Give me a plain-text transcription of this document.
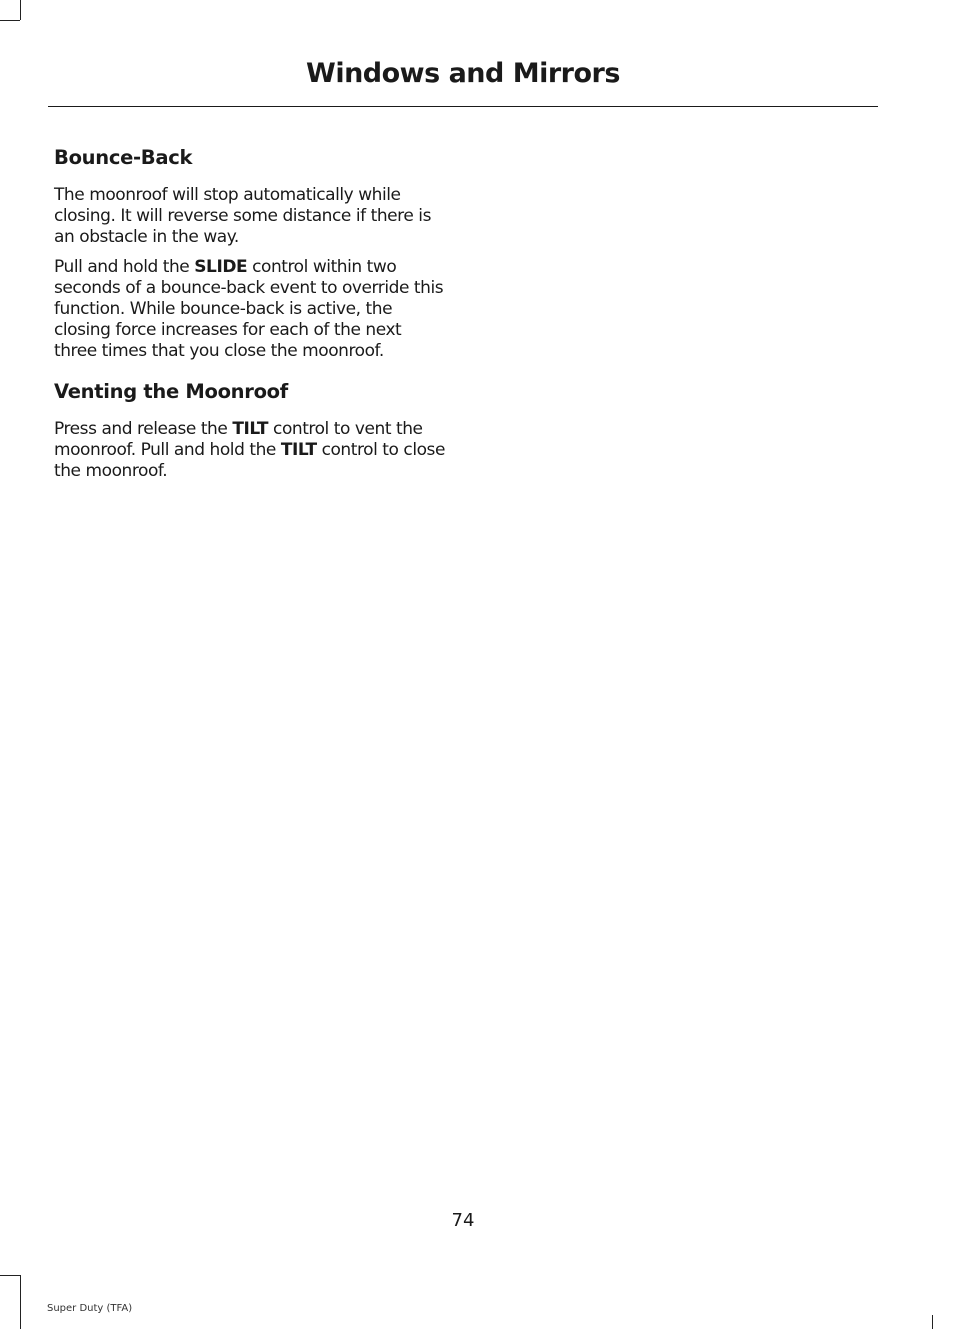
Windows and Mirrors
Bounce-Back

The moonroof will stop automatically while closing. It will reverse some distance if there is an obstacle in the way.

Pull and hold the SLIDE control within two seconds of a bounce-back event to override this function. While bounce-back is active, the closing force increases for each of the next three times that you close the moonroof.

Venting the Moonroof

Press and release the TILT control to vent the moonroof. Pull and hold the TILT control to close the moonroof.

74
Super Duty (TFA)
